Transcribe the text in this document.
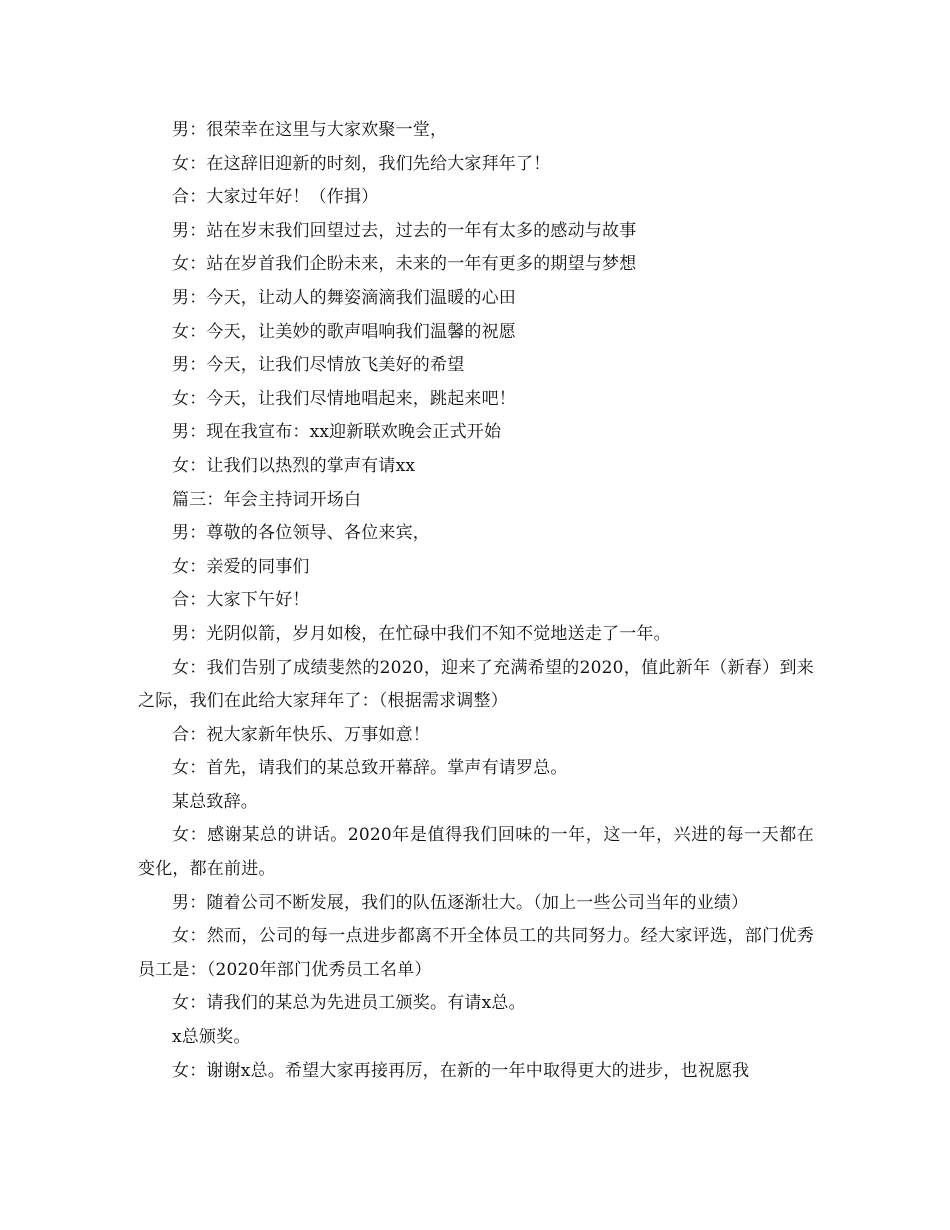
男：很荣幸在这里与大家欢聚一堂，

女：在这辞旧迎新的时刻，我们先给大家拜年了！

合：大家过年好！（作揖）

男：站在岁末我们回望过去，过去的一年有太多的感动与故事

女：站在岁首我们企盼未来，未来的一年有更多的期望与梦想

男：今天，让动人的舞姿滴滴我们温暖的心田

女：今天，让美妙的歌声唱响我们温馨的祝愿

男：今天，让我们尽情放飞美好的希望

女：今天，让我们尽情地唱起来，跳起来吧！

男：现在我宣布：xx迎新联欢晚会正式开始

女：让我们以热烈的掌声有请xx

篇三：年会主持词开场白

男：尊敬的各位领导、各位来宾，

女：亲爱的同事们

合：大家下午好！

男：光阴似箭，岁月如梭，在忙碌中我们不知不觉地送走了一年。

女：我们告别了成绩斐然的2020，迎来了充满希望的2020，值此新年（新春）到来之际，我们在此给大家拜年了：（根据需求调整）

合：祝大家新年快乐、万事如意！

女：首先，请我们的某总致开幕辞。掌声有请罗总。

某总致辞。

女：感谢某总的讲话。2020年是值得我们回味的一年，这一年，兴进的每一天都在变化，都在前进。

男：随着公司不断发展，我们的队伍逐渐壮大。（加上一些公司当年的业绩）

女：然而，公司的每一点进步都离不开全体员工的共同努力。经大家评选，部门优秀员工是：（2020年部门优秀员工名单）

女：请我们的某总为先进员工颁奖。有请x总。

x总颁奖。

女：谢谢x总。希望大家再接再厉，在新的一年中取得更大的进步，也祝愿我
